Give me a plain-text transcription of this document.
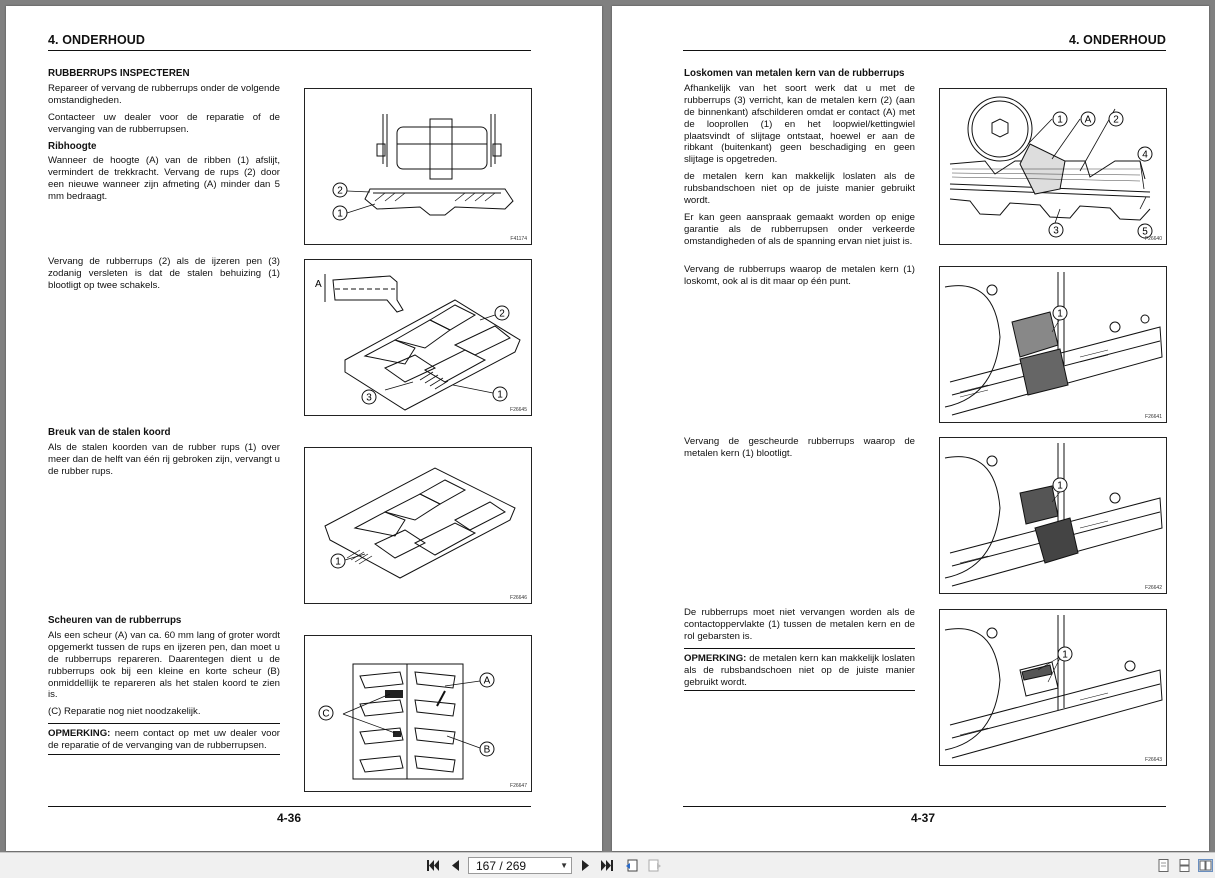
4. ONDERHOUD
RUBBERRUPS INSPECTEREN

Repareer of vervang de rubberrups onder de volgende omstandigheden.

Contacteer uw dealer voor de reparatie of de vervanging van de rubberrupsen.

Ribhoogte

Wanneer de hoogte (A) van de ribben (1) afslijt, vermindert de trekkracht. Vervang de rups (2) door een nieuwe wanneer zijn afmeting (A) minder dan 5 mm bedraagt.

2
1
F41174

Vervang de rubberrups (2) als de ijzeren pen (3) zodanig versleten is dat de stalen behuizing (1) blootligt op twee schakels.	A
2
3	1
F26645
Breuk van de stalen koord

Als de stalen koorden van de rubber rups (1) over meer dan de helft van één rij gebroken zijn, vervangt u de rubber rups.

1
F26646
Scheuren van de rubberrups

Als een scheur (A) van ca. 60 mm lang of groter wordt opgemerkt tussen de rups en ijzeren pen, dan moet u de rubberrups repareren. Daarentegen dient u de rubberrups ook bij een kleine en korte scheur (B) onmiddellijk te repareren als het stalen koord te zien is.

(C) Reparatie nog niet noodzakelijk.

OPMERKING: neem contact op met uw dealer voor de reparatie of de vervanging van de rubberrupsen.
A
C
B
F26647
4-36
4. ONDERHOUD
Loskomen van metalen kern van de rubberrups

Afhankelijk van het soort werk dat u met de rubberrups (3) verricht, kan de metalen kern (2) (aan de binnenkant) afschilderen omdat er contact (A) met de looprollen (1) en het loopwiel/kettingwiel plaatsvindt of slijtage ontstaat, hoewel er aan de ribkant (buitenkant) geen beschadiging en geen slijtage is opgetreden.

de metalen kern kan makkelijk loslaten als de rubsbandschoen niet op de juiste manier gebruikt wordt.

Er kan geen aanspraak gemaakt worden op enige garantie als de rubberrupsen onder verkeerde omstandigheden of als de spanning ervan niet juist is.

1 A 2
4
3	5
F26640

Vervang de rubberrups waarop de metalen kern (1) loskomt, ook al is dit maar op één punt.

1
F26641

Vervang de gescheurde rubberrups waarop de metalen kern (1) blootligt.

1
F26642

De rubberrups moet niet vervangen worden als de contactoppervlakte (1) tussen de metalen kern en de rol gebarsten is.

OPMERKING: de metalen kern kan makkelijk loslaten als de rubsbandschoen niet op de juiste manier gebruikt wordt.
1
F26643
4-37
167 / 269	▼
